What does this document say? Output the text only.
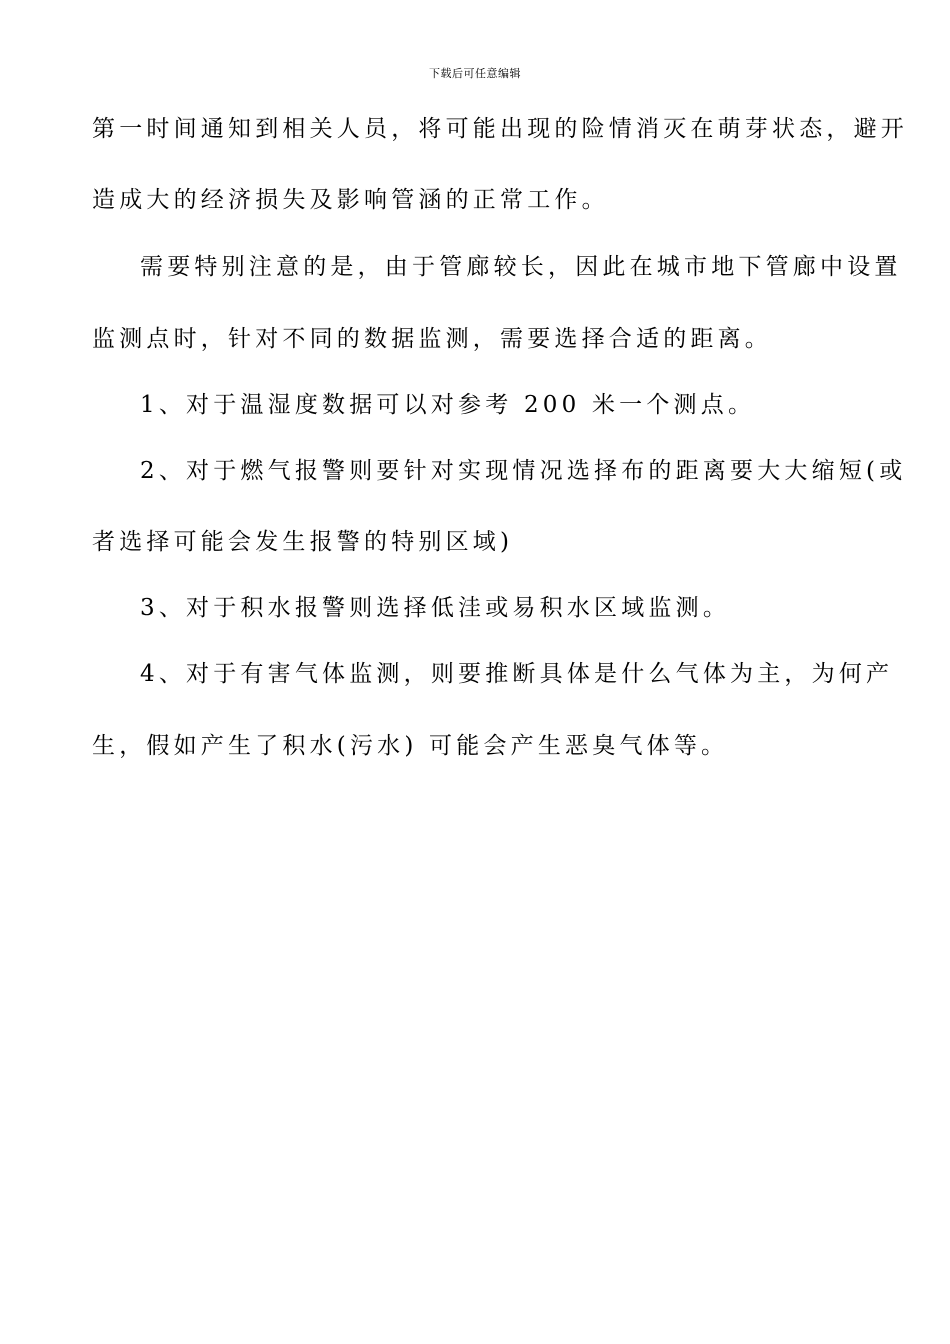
下载后可任意编辑
第一时间通知到相关人员，将可能出现的险情消灭在萌芽状态，避开
造成大的经济损失及影响管涵的正常工作。
需要特别注意的是，由于管廊较长，因此在城市地下管廊中设置
监测点时，针对不同的数据监测，需要选择合适的距离。
1、对于温湿度数据可以对参考 200 米一个测点。
2、对于燃气报警则要针对实现情况选择布的距离要大大缩短(或
者选择可能会发生报警的特别区域)
3、对于积水报警则选择低洼或易积水区域监测。
4、对于有害气体监测，则要推断具体是什么气体为主，为何产
生，假如产生了积水(污水) 可能会产生恶臭气体等。
